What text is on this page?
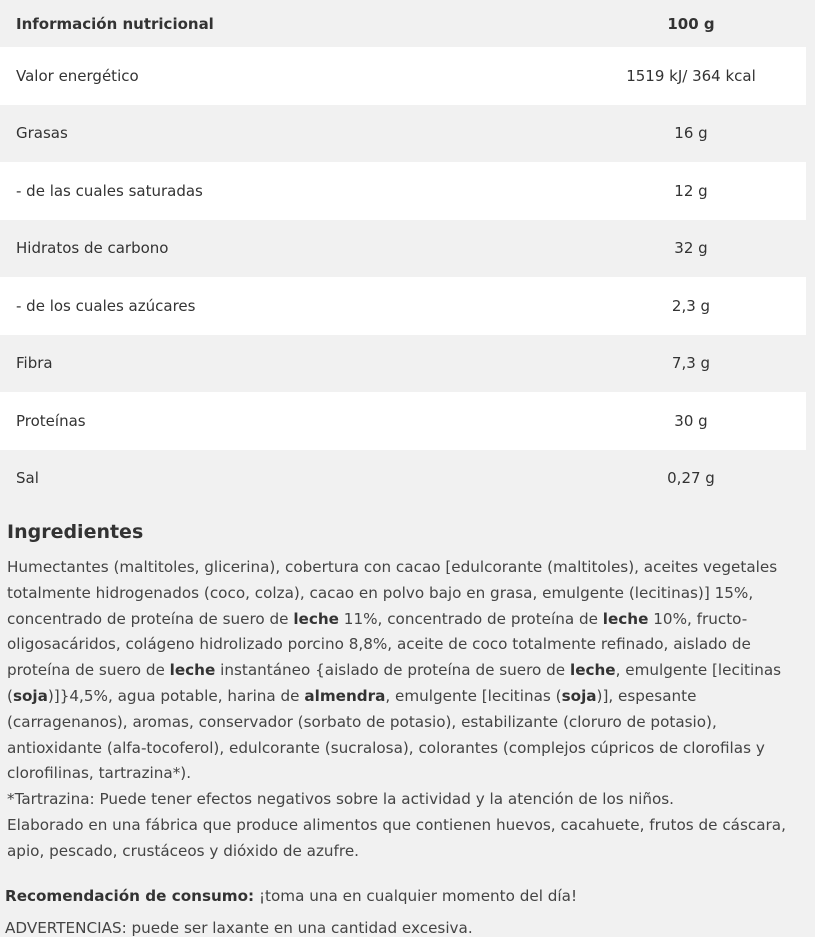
Información nutricional	100 g
Valor energético	1519 kJ/ 364 kcal
Grasas	16 g
- de las cuales saturadas	12 g
Hidratos de carbono	32 g
- de los cuales azúcares	2,3 g
Fibra	7,3 g
Proteínas	30 g
Sal	0,27 g
Ingredientes
Humectantes (maltitoles, glicerina), cobertura con cacao [edulcorante (maltitoles), aceites vegetales totalmente hidrogenados (coco, colza), cacao en polvo bajo en grasa, emulgente (lecitinas)] 15%, concentrado de proteína de suero de leche 11%, concentrado de proteína de leche 10%, fructo-oligosacáridos, colágeno hidrolizado porcino 8,8%, aceite de coco totalmente refinado, aislado de proteína de suero de leche instantáneo {aislado de proteína de suero de leche, emulgente [lecitinas (soja)]}4,5%, agua potable, harina de almendra, emulgente [lecitinas (soja)], espesante (carragenanos), aromas, conservador (sorbato de potasio), estabilizante (cloruro de potasio), antioxidante (alfa-tocoferol), edulcorante (sucralosa), colorantes (complejos cúpricos de clorofilas y clorofilinas, tartrazina*).
*Tartrazina: Puede tener efectos negativos sobre la actividad y la atención de los niños.
Elaborado en una fábrica que produce alimentos que contienen huevos, cacahuete, frutos de cáscara, apio, pescado, crustáceos y dióxido de azufre.
Recomendación de consumo: ¡toma una en cualquier momento del día!
ADVERTENCIAS: puede ser laxante en una cantidad excesiva.
